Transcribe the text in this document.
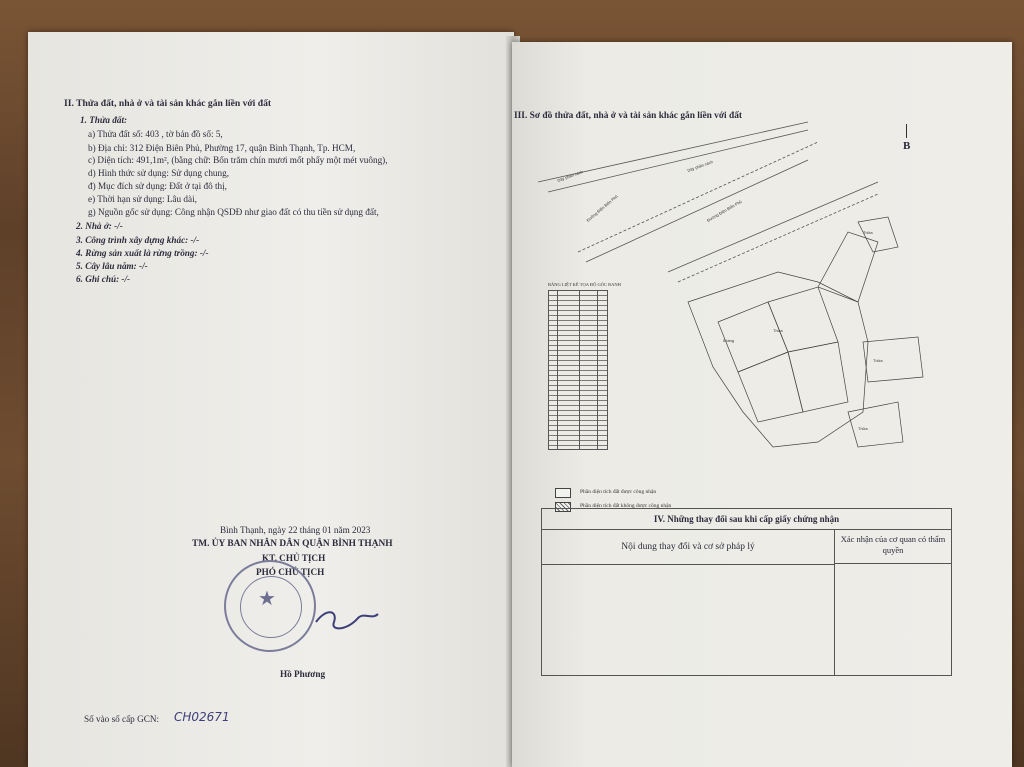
II. Thửa đất, nhà ở và tài sản khác gắn liền với đất
1. Thửa đất:
a) Thửa đất số: 403 , tờ bản đồ số: 5,
b) Địa chỉ: 312 Điện Biên Phủ, Phường 17, quận Bình Thạnh, Tp. HCM,
c) Diện tích: 491,1m², (bằng chữ: Bốn trăm chín mươi mốt phẩy một mét vuông),
d) Hình thức sử dụng: Sử dụng chung,
đ) Mục đích sử dụng: Đất ở tại đô thị,
e) Thời hạn sử dụng: Lâu dài,
g) Nguồn gốc sử dụng: Công nhận QSDĐ như giao đất có thu tiền sử dụng đất,
2. Nhà ở: -/-
3. Công trình xây dựng khác: -/-
4. Rừng sản xuất là rừng trồng: -/-
5. Cây lâu năm: -/-
6. Ghi chú: -/-
Bình Thạnh, ngày 22 tháng 01 năm 2023
TM. ỦY BAN NHÂN DÂN QUẬN BÌNH THẠNH
KT. CHỦ TỊCH
PHÓ CHỦ TỊCH
★
Hồ Phương
Số vào sổ cấp GCN: CH02671
III. Sơ đồ thửa đất, nhà ở và tài sản khác gắn liền với đất
B
5 tầng
Thửa
Thửa
Thửa
Thửa
Dây phân cách
Đường Điện Biên Phủ
Dây phân cách
Đường Điện Biên Phủ
BẢNG LIỆT KÊ TỌA ĐỘ GÓC RANH
Phần diện tích đất được công nhận
Phần diện tích đất không được công nhận
IV. Những thay đổi sau khi cấp giấy chứng nhận
Nội dung thay đổi và cơ sở pháp lý
Xác nhận của cơ quan có thẩm quyền
